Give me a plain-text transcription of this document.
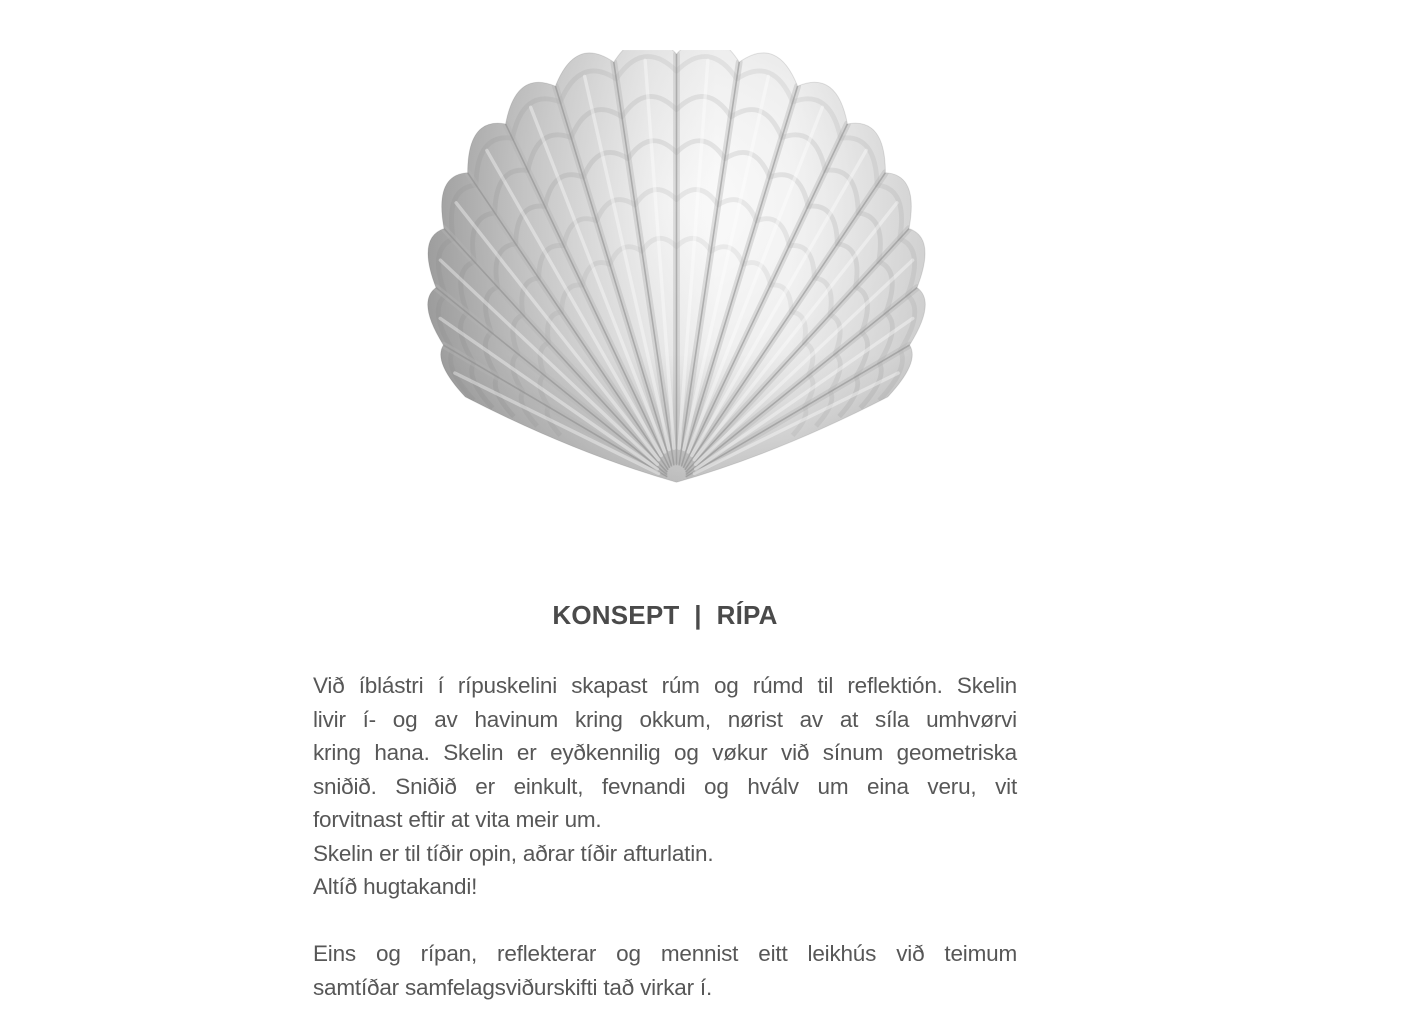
KONSEPT  |  RÍPA

Við íblástri í rípuskelini skapast rúm og rúmd til reflektión. Skelin
livir í- og av havinum kring okkum, nørist av at síla umhvørvi
kring hana. Skelin er eyðkennilig og vøkur við sínum geometriska
sniðið. Sniðið er einkult, fevnandi og hválv um eina veru, vit
forvitnast eftir at vita meir um.
Skelin er til tíðir opin, aðrar tíðir afturlatin.
Altíð hugtakandi!

Eins og rípan, reflekterar og mennist eitt leikhús við teimum
samtíðar samfelagsviðurskifti tað virkar í.
